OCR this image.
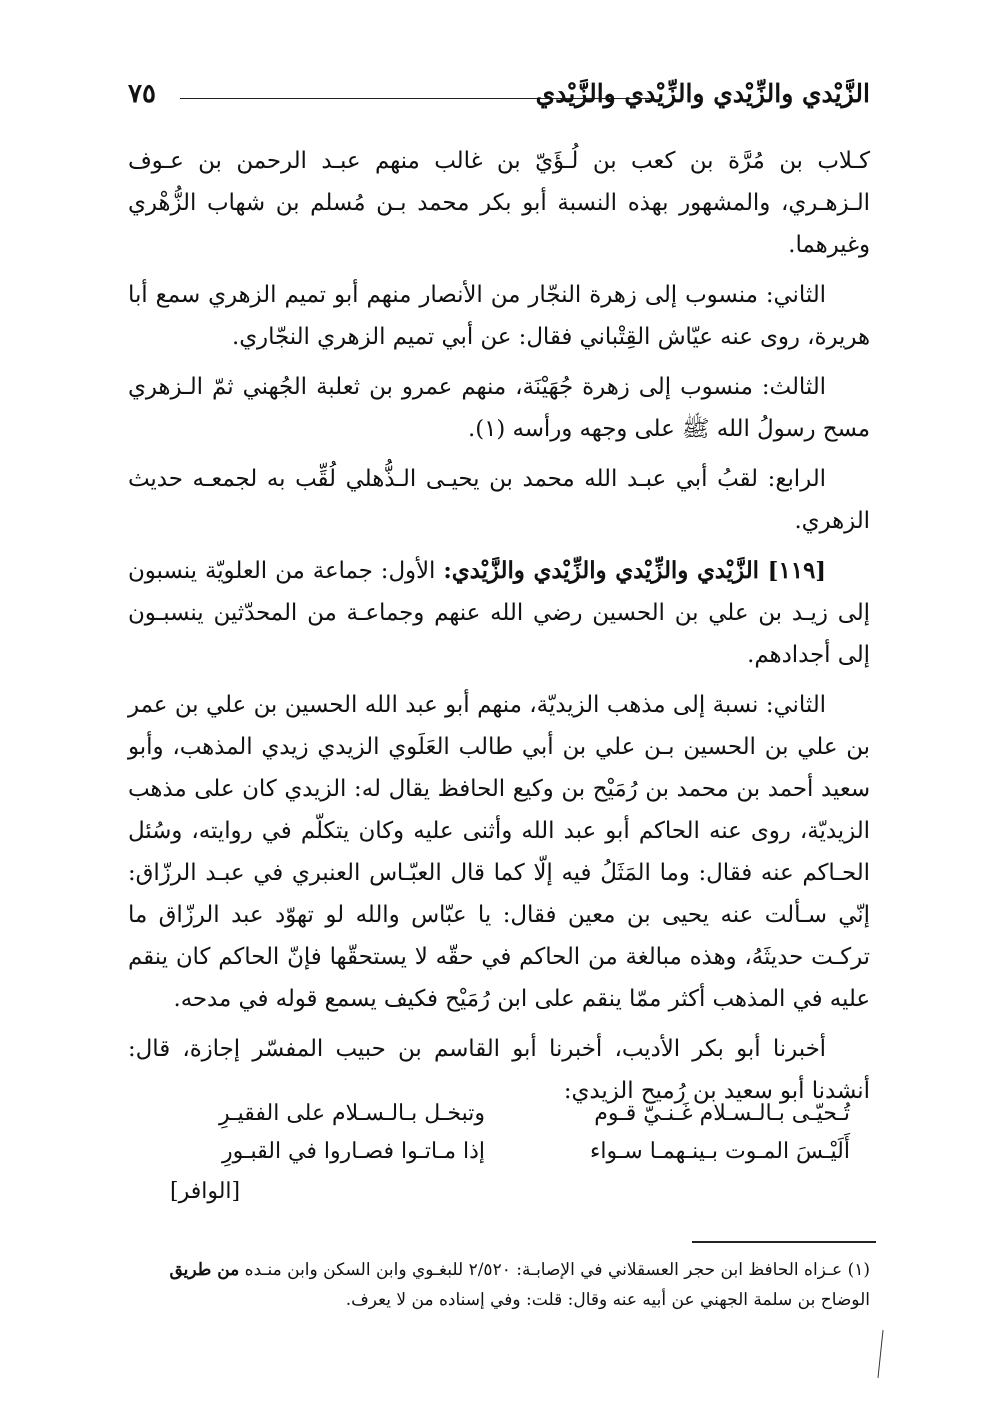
٧٥	الزَّيْدي والزِّيْدي والزِّيْدي والزَّيْدي

كـلاب بن مُرَّة بن كعب بن لُـؤَيّ بن غالب منهم عبـد الرحمن بن عـوف الـزهـري، والمشهور بهذه النسبة أبو بكر محمد بـن مُسلم بن شهاب الزُّهْري وغيرهما.

الثاني: منسوب إلى زهرة النجّار من الأنصار منهم أبو تميم الزهري سمع أبا هريرة، روى عنه عيّاش القِتْباني فقال: عن أبي تميم الزهري النجّاري.

الثالث: منسوب إلى زهرة جُهَيْنَة، منهم عمرو بن ثعلبة الجُهني ثمّ الـزهري مسح رسولُ الله ﷺ على وجهه ورأسه (١).

الرابع: لقبُ أبي عبـد الله محمد بن يحيـى الـذُّهلي لُقِّب به لجمعـه حديث الزهري.

[١١٩] الزَّيْدي والزِّيْدي والزِّيْدي والزَّيْدي: الأول: جماعة من العلويّة ينسبون إلى زيـد بن علي بن الحسين رضي الله عنهم وجماعـة من المحدّثين ينسبـون إلى أجدادهم.

الثاني: نسبة إلى مذهب الزيديّة، منهم أبو عبد الله الحسين بن علي بن عمر بن علي بن الحسين بـن علي بن أبي طالب العَلَوي الزيدي زيدي المذهب، وأبو سعيد أحمد بن محمد بن رُمَيْح بن وكيع الحافظ يقال له: الزيدي كان على مذهب الزيديّة، روى عنه الحاكم أبو عبد الله وأثنى عليه وكان يتكلّم في روايته، وسُئل الحـاكم عنه فقال: وما المَثَلُ فيه إلّا كما قال العبّـاس العنبري في عبـد الرزّاق: إنّي سـألت عنه يحيى بن معين فقال: يا عبّاس والله لو تهوّد عبد الرزّاق ما تركـت حديثَهُ، وهذه مبالغة من الحاكم في حقّه لا يستحقّها فإنّ الحاكم كان ينقم عليه في المذهب أكثر ممّا ينقم على ابن رُمَيْح فكيف يسمع قوله في مدحه.

أخبرنا أبو بكر الأديب، أخبرنا أبو القاسم بن حبيب المفسّر إجازة، قال: أنشدنا أبو سعيد بن رُميح الزيدي:

تُـحيّـى بـالـسـلام غَـنـيّ قـوم
وتبخـل بـالـسـلام على الفقيـرِ
أَلَيْـسَ المـوت بـينـهمـا سـواء
إذا مـاتـوا فصـاروا في القبـورِ
[الوافر]

(١) عـزاه الحافظ ابن حجر العسقلاني في الإصابـة: ٢/٥٢٠ للبغـوي وابن السكن وابن منـده من طريق

الوضاح بن سلمة الجهني عن أبيه عنه وقال: قلت: وفي إسناده من لا يعرف.
